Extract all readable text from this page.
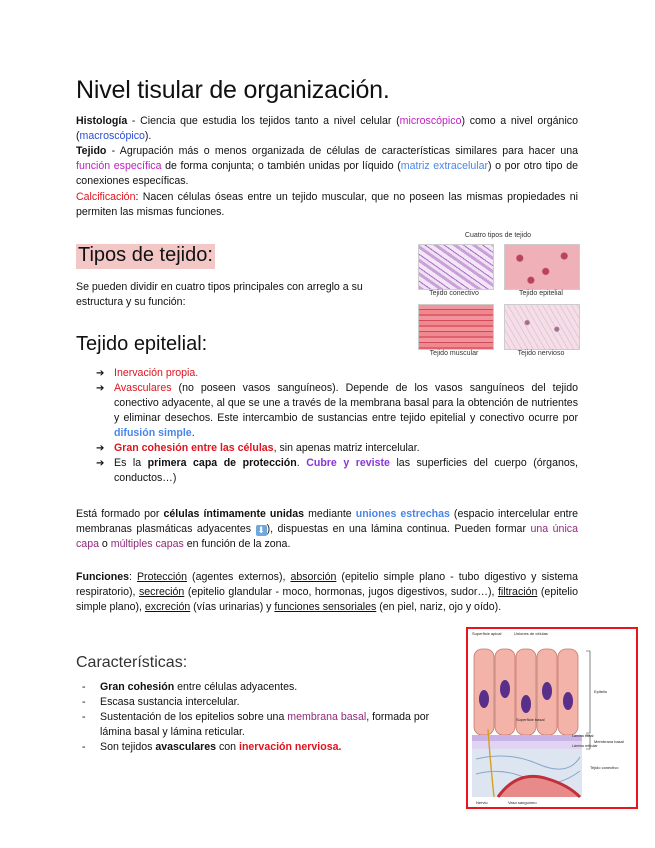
Nivel tisular de organización.
Histología - Ciencia que estudia los tejidos tanto a nivel celular (microscópico) como a nivel orgánico (macroscópico).
Tejido - Agrupación más o menos organizada de células de características similares para hacer una función específica de forma conjunta; o también unidas por líquido (matriz extracelular) o por otro tipo de conexiones específicas.
Calcificación: Nacen células óseas entre un tejido muscular, que no poseen las mismas propiedades ni permiten las mismas funciones.
Tipos de tejido:
Se pueden dividir en cuatro tipos principales con arreglo a su estructura y su función:
Cuatro tipos de tejido
Tejido conectivo	Tejido epitelial
Tejido muscular	Tejido nervioso
Tejido epitelial:
➔ Inervación propia.
➔ Avasculares (no poseen vasos sanguíneos). Depende de los vasos sanguíneos del tejido conectivo adyacente, al que se une a través de la membrana basal para la obtención de nutrientes y eliminar desechos. Este intercambio de sustancias entre tejido epitelial y conectivo ocurre por difusión simple.
➔ Gran cohesión entre las células, sin apenas matriz intercelular.
➔ Es la primera capa de protección. Cubre y reviste las superficies del cuerpo (órganos, conductos…)
Está formado por células íntimamente unidas mediante uniones estrechas (espacio intercelular entre membranas plasmáticas adyacentes ⬇ ), dispuestas en una lámina continua. Pueden formar una única capa o múltiples capas en función de la zona.
Funciones: Protección (agentes externos), absorción (epitelio simple plano - tubo digestivo y sistema respiratorio), secreción (epitelio glandular - moco, hormonas, jugos digestivos, sudor…), filtración (epitelio simple plano), excreción (vías urinarias) y funciones sensoriales (en piel, nariz, ojo y oído).
Características:
- Gran cohesión entre células adyacentes.
- Escasa sustancia intercelular.
- Sustentación de los epitelios sobre una membrana basal, formada por lámina basal y lámina reticular.
- Son tejidos avasculares con inervación nerviosa.
Superficie apical	Uniones de células
Epitelio
Superficie basal
Lámina basal
Lámina reticular
Membrana basal
Tejido conectivo
Nervio	Vaso sanguíneo
